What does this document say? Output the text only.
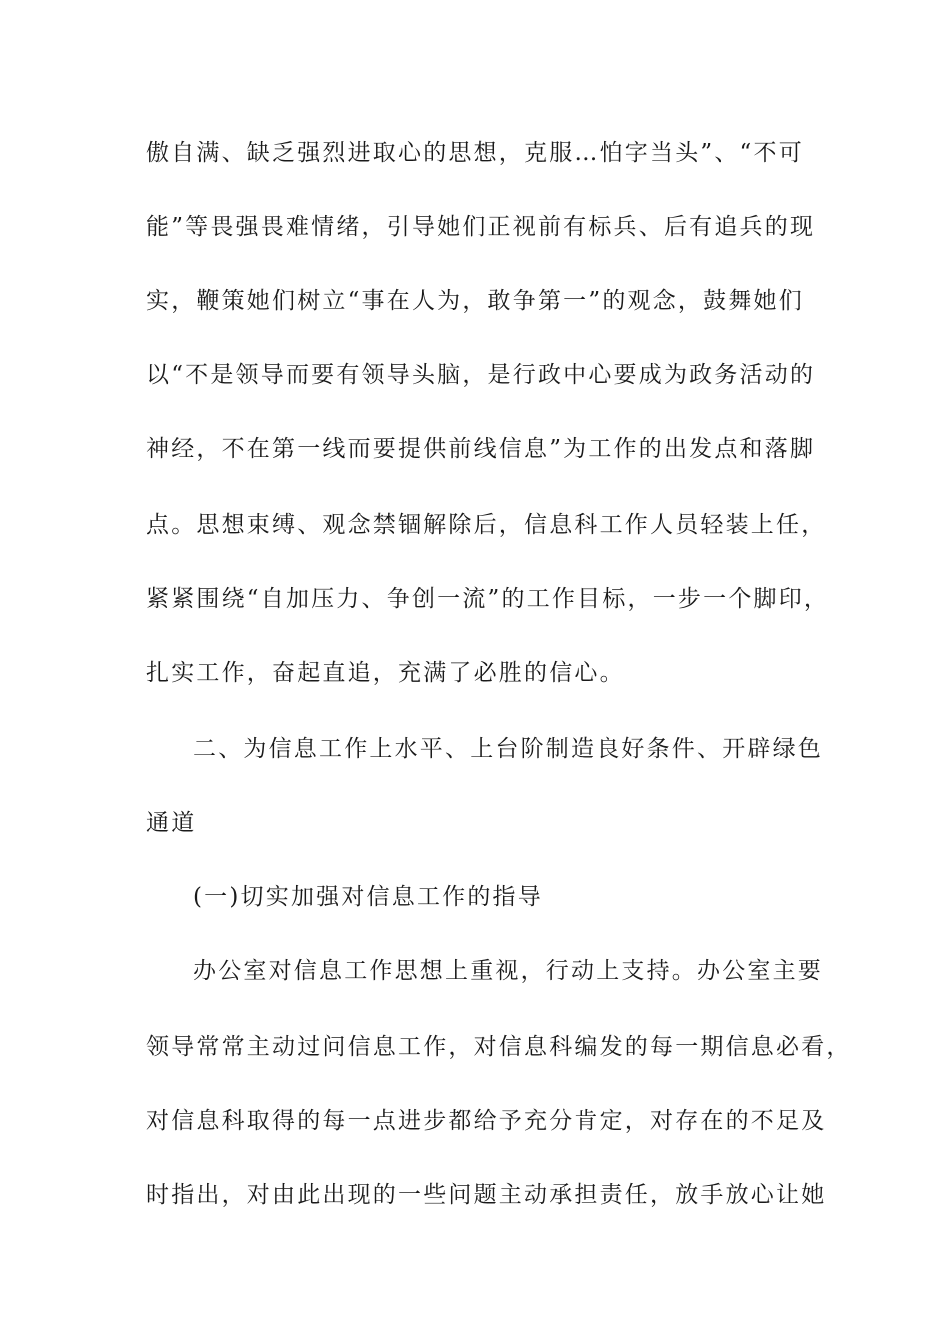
傲自满、缺乏强烈进取心的思想，克服…怕字当头”、“不可
能”等畏强畏难情绪，引导她们正视前有标兵、后有追兵的现
实，鞭策她们树立“事在人为，敢争第一”的观念，鼓舞她们
以“不是领导而要有领导头脑，是行政中心要成为政务活动的
神经，不在第一线而要提供前线信息”为工作的出发点和落脚
点。思想束缚、观念禁锢解除后，信息科工作人员轻装上任，
紧紧围绕“自加压力、争创一流”的工作目标，一步一个脚印，
扎实工作，奋起直追，充满了必胜的信心。
二、为信息工作上水平、上台阶制造良好条件、开辟绿色
通道
(一)切实加强对信息工作的指导
办公室对信息工作思想上重视，行动上支持。办公室主要
领导常常主动过问信息工作，对信息科编发的每一期信息必看，
对信息科取得的每一点进步都给予充分肯定，对存在的不足及
时指出，对由此出现的一些问题主动承担责任，放手放心让她
